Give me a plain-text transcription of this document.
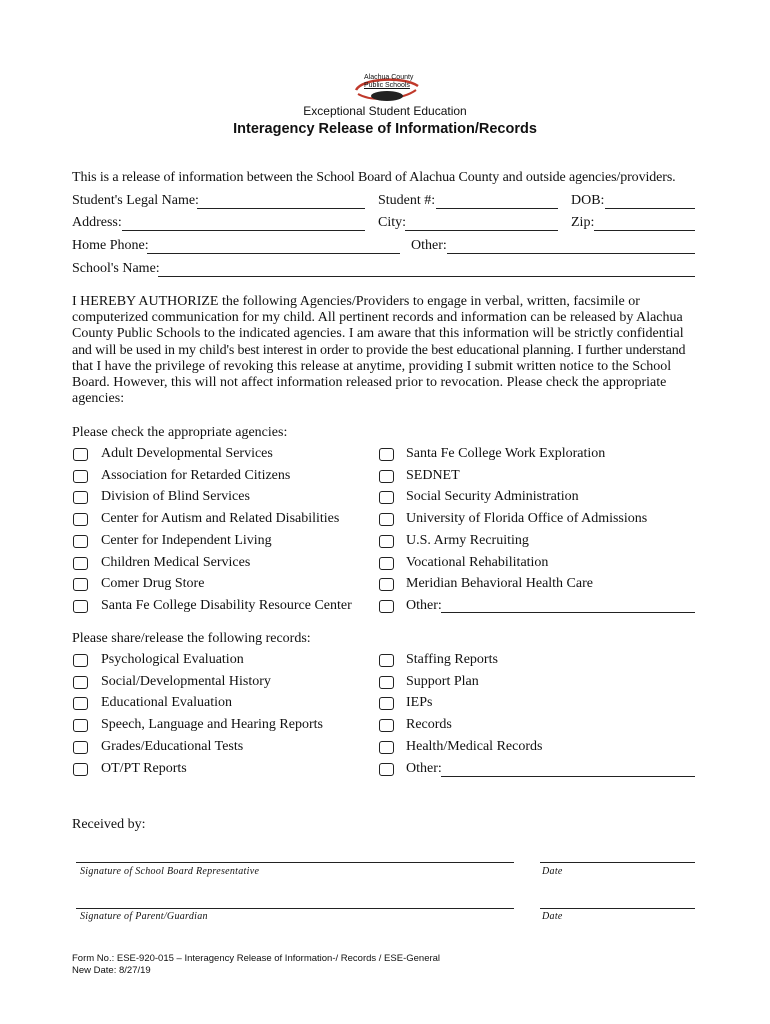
Alachua County
Public Schools
Exceptional Student Education
Interagency Release of Information/Records
This is a release of information between the School Board of Alachua County and outside agencies/providers.
Student's Legal Name:	Student #:	DOB:
Address:	City:	Zip:
Home Phone:	Other:
School's Name:
I HEREBY AUTHORIZE the following Agencies/Providers to engage in verbal, written, facsimile or
computerized communication for my child. All pertinent records and information can be released by Alachua
County Public Schools to the indicated agencies. I am aware that this information will be strictly confidential
and will be used in my child's best interest in order to provide the best educational planning. I further understand
that I have the privilege of revoking this release at anytime, providing I submit written notice to the School
Board. However, this will not affect information released prior to revocation. Please check the appropriate
agencies:
Please check the appropriate agencies:
Adult Developmental Services
Association for Retarded Citizens
Division of Blind Services
Center for Autism and Related Disabilities
Center for Independent Living
Children Medical Services
Comer Drug Store
Santa Fe College Disability Resource Center
Santa Fe College Work Exploration
SEDNET
Social Security Administration
University of Florida Office of Admissions
U.S. Army Recruiting
Vocational Rehabilitation
Meridian Behavioral Health Care
Other:
Please share/release the following records:
Psychological Evaluation
Social/Developmental History
Educational Evaluation
Speech, Language and Hearing Reports
Grades/Educational Tests
OT/PT Reports
Staffing Reports
Support Plan
IEPs
Records
Health/Medical Records
Other:
Received by:
Signature of School Board Representative	Date
Signature of Parent/Guardian	Date
Form No.: ESE-920-015 – Interagency Release of Information-/ Records / ESE-General
New Date: 8/27/19
